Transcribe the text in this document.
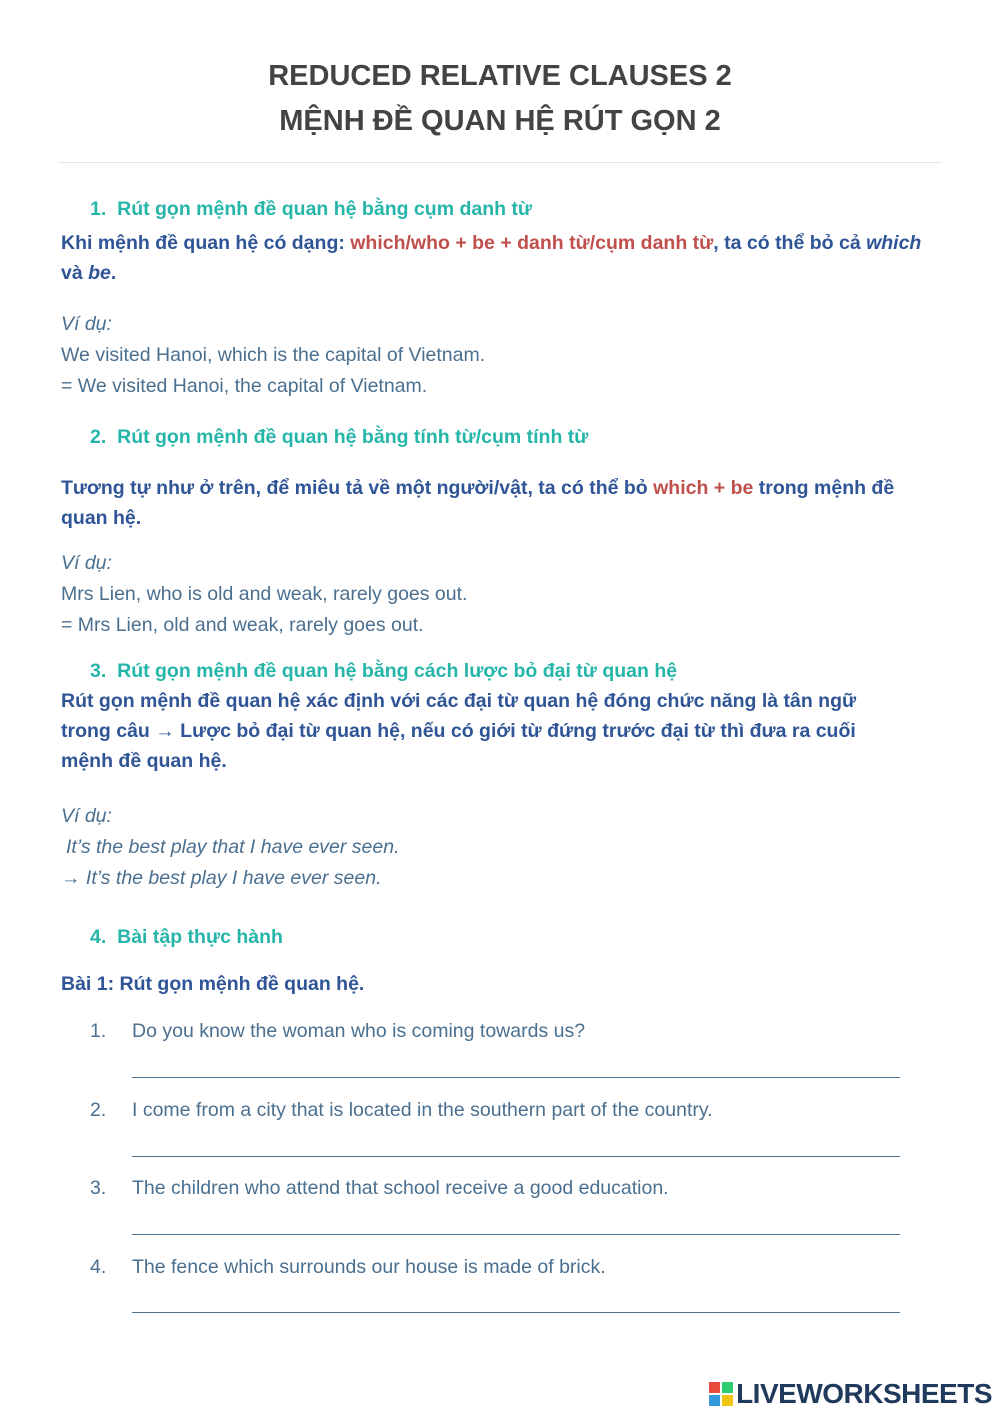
REDUCED RELATIVE CLAUSES 2
MỆNH ĐỀ QUAN HỆ RÚT GỌN 2
1. Rút gọn mệnh đề quan hệ bằng cụm danh từ
Khi mệnh đề quan hệ có dạng: which/who + be + danh từ/cụm danh từ, ta có thể bỏ cả which
và be.
Ví dụ:
We visited Hanoi, which is the capital of Vietnam.
= We visited Hanoi, the capital of Vietnam.
2. Rút gọn mệnh đề quan hệ bằng tính từ/cụm tính từ
Tương tự như ở trên, để miêu tả về một người/vật, ta có thể bỏ which + be trong mệnh đề
quan hệ.
Ví dụ:
Mrs Lien, who is old and weak, rarely goes out.
= Mrs Lien, old and weak, rarely goes out.
3. Rút gọn mệnh đề quan hệ bằng cách lược bỏ đại từ quan hệ
Rút gọn mệnh đề quan hệ xác định với các đại từ quan hệ đóng chức năng là tân ngữ
trong câu → Lược bỏ đại từ quan hệ, nếu có giới từ đứng trước đại từ thì đưa ra cuối
mệnh đề quan hệ.
Ví dụ:
It’s the best play that I have ever seen.
→ It’s the best play I have ever seen.
4. Bài tập thực hành
Bài 1: Rút gọn mệnh đề quan hệ.
1. Do you know the woman who is coming towards us?
2. I come from a city that is located in the southern part of the country.
3. The children who attend that school receive a good education.
4. The fence which surrounds our house is made of brick.
LIVEWORKSHEETS
